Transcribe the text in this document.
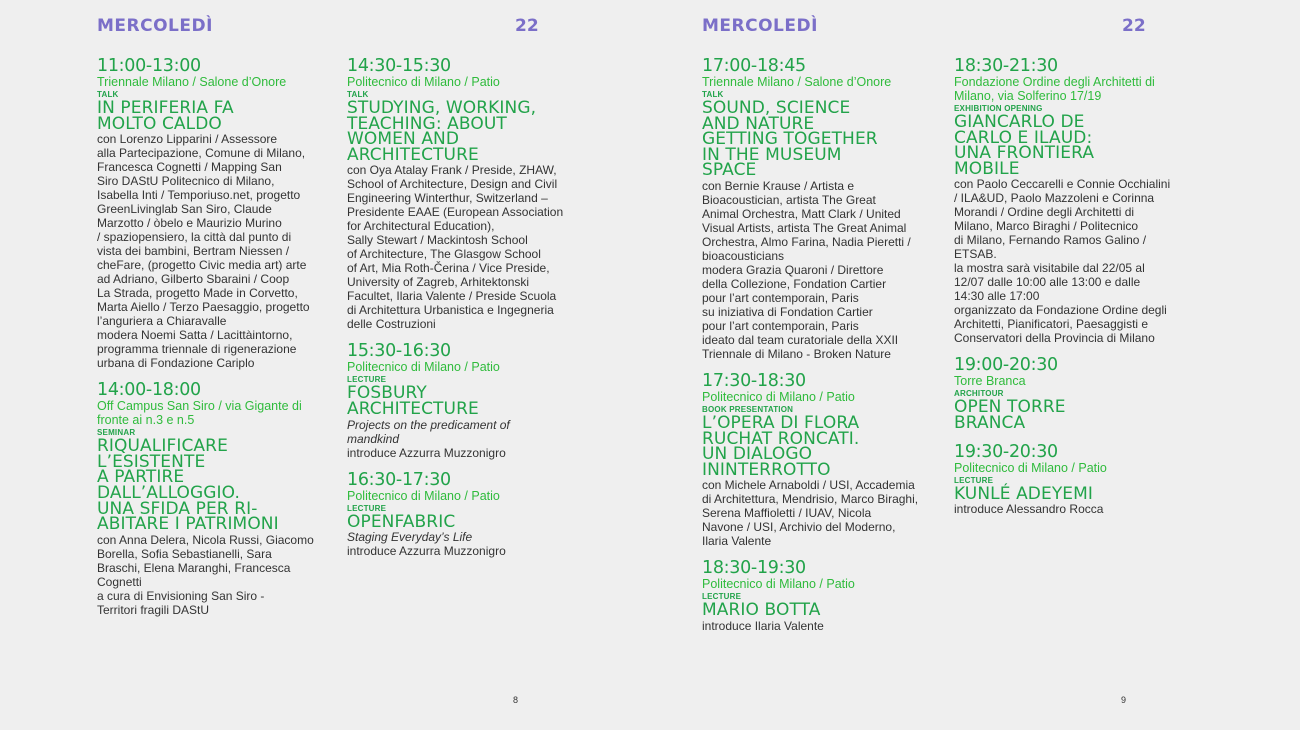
MERCOLEDÌ	22
11:00-13:00
Triennale Milano / Salone d’Onore
TALK
IN PERIFERIA FA
MOLTO CALDO
con Lorenzo Lipparini / Assessore
alla Partecipazione, Comune di Milano,
Francesca Cognetti / Mapping San
Siro DAStU Politecnico di Milano,
Isabella Inti / Temporiuso.net, progetto
GreenLivinglab San Siro, Claude
Marzotto / òbelo e Maurizio Murino
/ spaziopensiero, la città dal punto di
vista dei bambini, Bertram Niessen /
cheFare, (progetto Civic media art) arte
ad Adriano, Gilberto Sbaraini / Coop
La Strada, progetto Made in Corvetto,
Marta Aiello / Terzo Paesaggio, progetto
l’anguriera a Chiaravalle
modera Noemi Satta / Lacittàintorno,
programma triennale di rigenerazione
urbana di Fondazione Cariplo
14:00-18:00
Off Campus San Siro / via Gigante di
fronte ai n.3 e n.5
SEMINAR
RIQUALIFICARE
L’ESISTENTE
A PARTIRE
DALL’ALLOGGIO.
UNA SFIDA PER RI-
ABITARE I PATRIMONI
con Anna Delera, Nicola Russi, Giacomo
Borella, Sofia Sebastianelli, Sara
Braschi, Elena Maranghi, Francesca
Cognetti
a cura di Envisioning San Siro -
Territori fragili DAStU
14:30-15:30
Politecnico di Milano / Patio
TALK
STUDYING, WORKING,
TEACHING: ABOUT
WOMEN AND
ARCHITECTURE
con Oya Atalay Frank / Preside, ZHAW,
School of Architecture, Design and Civil
Engineering Winterthur, Switzerland –
Presidente EAAE (European Association
for Architectural Education),
Sally Stewart / Mackintosh School
of Architecture, The Glasgow School
of Art, Mia Roth-Čerina / Vice Preside,
University of Zagreb, Arhitektonski
Facultet, Ilaria Valente / Preside Scuola
di Architettura Urbanistica e Ingegneria
delle Costruzioni
15:30-16:30
Politecnico di Milano / Patio
LECTURE
FOSBURY
ARCHITECTURE
Projects on the predicament of
mandkind
introduce Azzurra Muzzonigro
16:30-17:30
Politecnico di Milano / Patio
LECTURE
OPENFABRIC
Staging Everyday’s Life
introduce Azzurra Muzzonigro
8
MERCOLEDÌ	22
17:00-18:45
Triennale Milano / Salone d’Onore
TALK
SOUND, SCIENCE
AND NATURE
GETTING TOGETHER
IN THE MUSEUM
SPACE
con Bernie Krause / Artista e
Bioacoustician, artista The Great
Animal Orchestra, Matt Clark / United
Visual Artists, artista The Great Animal
Orchestra, Almo Farina, Nadia Pieretti /
bioacousticians
modera Grazia Quaroni / Direttore
della Collezione, Fondation Cartier
pour l’art contemporain, Paris
su iniziativa di Fondation Cartier
pour l’art contemporain, Paris
ideato dal team curatoriale della XXII
Triennale di Milano - Broken Nature
17:30-18:30
Politecnico di Milano / Patio
BOOK PRESENTATION
L’OPERA DI FLORA
RUCHAT RONCATI.
UN DIALOGO
ININTERROTTO
con Michele Arnaboldi / USI, Accademia
di Architettura, Mendrisio, Marco Biraghi,
Serena Maffioletti / IUAV, Nicola
Navone / USI, Archivio del Moderno,
Ilaria Valente
18:30-19:30
Politecnico di Milano / Patio
LECTURE
MARIO BOTTA
introduce Ilaria Valente
18:30-21:30
Fondazione Ordine degli Architetti di
Milano, via Solferino 17/19
EXHIBITION OPENING
GIANCARLO DE
CARLO E ILAUD:
UNA FRONTIERA
MOBILE
con Paolo Ceccarelli e Connie Occhialini
/ ILA&UD, Paolo Mazzoleni e Corinna
Morandi / Ordine degli Architetti di
Milano, Marco Biraghi / Politecnico
di Milano, Fernando Ramos Galino /
ETSAB.
la mostra sarà visitabile dal 22/05 al
12/07 dalle 10:00 alle 13:00 e dalle
14:30 alle 17:00
organizzato da Fondazione Ordine degli
Architetti, Pianificatori, Paesaggisti e
Conservatori della Provincia di Milano
19:00-20:30
Torre Branca
ARCHITOUR
OPEN TORRE
BRANCA
19:30-20:30
Politecnico di Milano / Patio
LECTURE
KUNLÉ ADEYEMI
introduce Alessandro Rocca
9
